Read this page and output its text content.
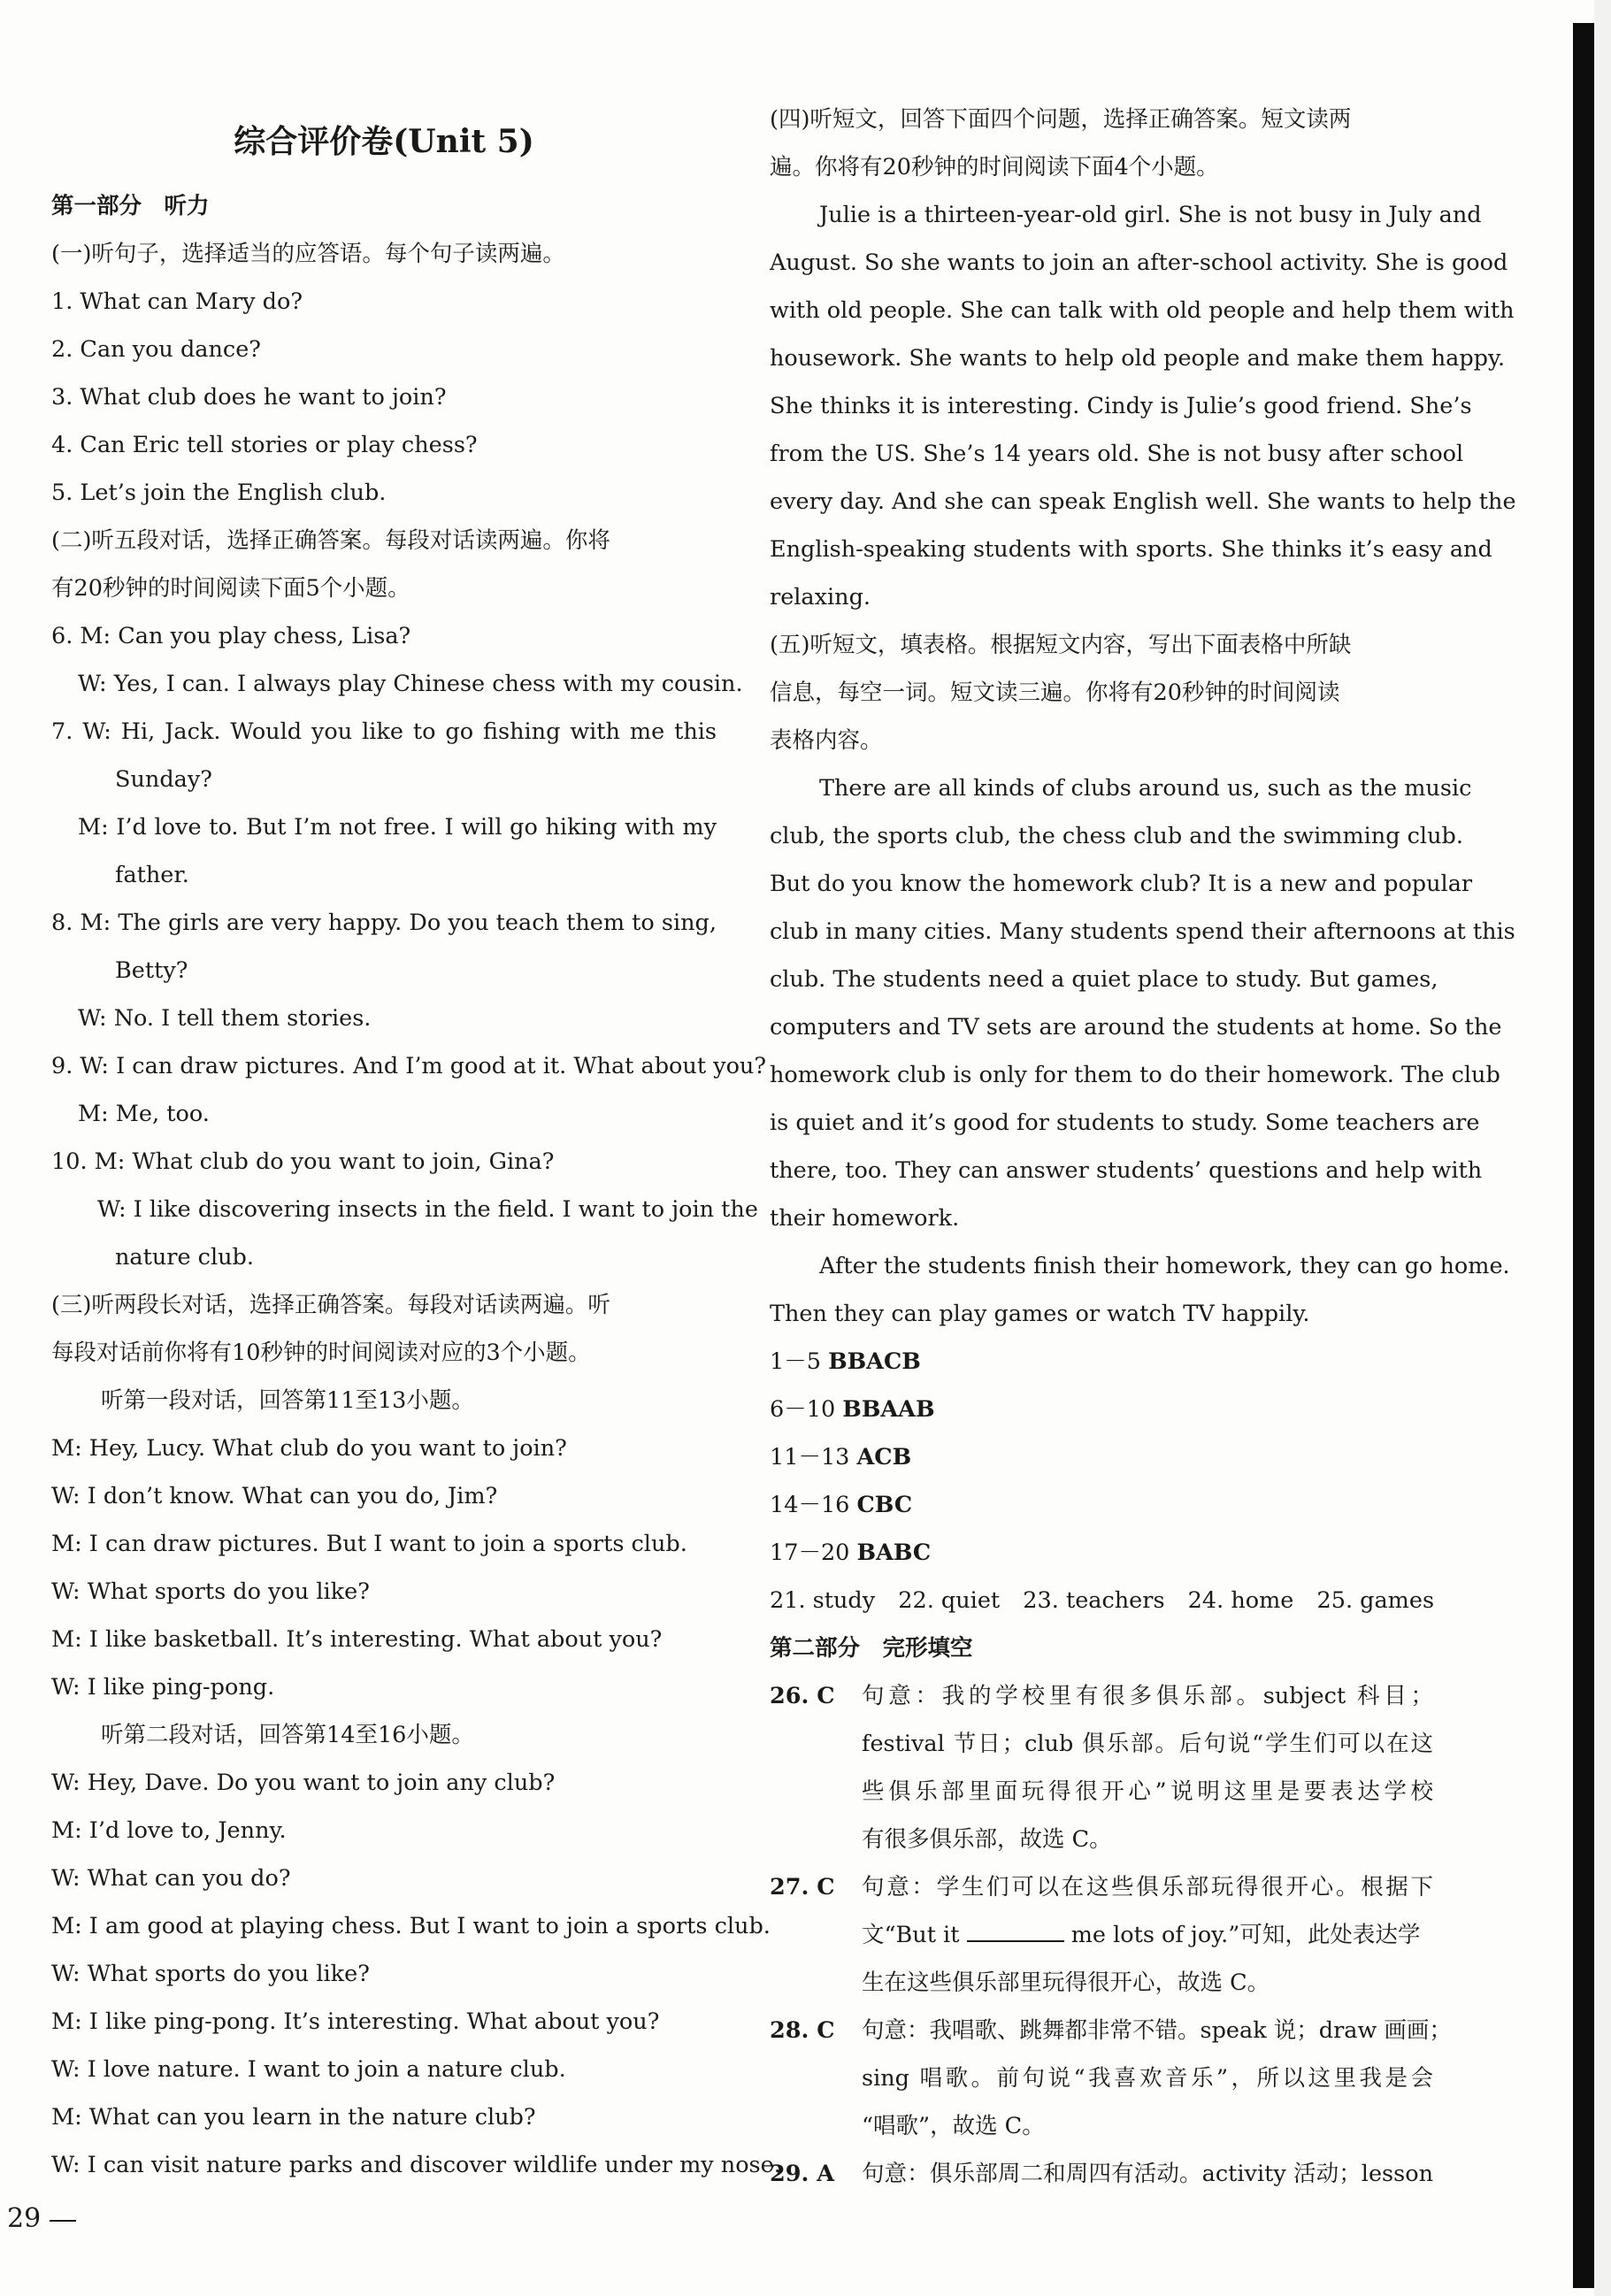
综合评价卷(Unit 5)
第一部分　听力
(一)听句子，选择适当的应答语。每个句子读两遍。
1. What can Mary do?
2. Can you dance?
3. What club does he want to join?
4. Can Eric tell stories or play chess?
5. Let’s join the English club.
(二)听五段对话，选择正确答案。每段对话读两遍。你将
有20秒钟的时间阅读下面5个小题。
6. M: Can you play chess, Lisa?
W: Yes, I can. I always play Chinese chess with my cousin.
7. W: Hi, Jack. Would you like to go fishing with me this
Sunday?
M: I’d love to. But I’m not free. I will go hiking with my
father.
8. M: The girls are very happy. Do you teach them to sing,
Betty?
W: No. I tell them stories.
9. W: I can draw pictures. And I’m good at it. What about you?
M: Me, too.
10. M: What club do you want to join, Gina?
W: I like discovering insects in the field. I want to join the
nature club.
(三)听两段长对话，选择正确答案。每段对话读两遍。听
每段对话前你将有10秒钟的时间阅读对应的3个小题。
听第一段对话，回答第11至13小题。
M: Hey, Lucy. What club do you want to join?
W: I don’t know. What can you do, Jim?
M: I can draw pictures. But I want to join a sports club.
W: What sports do you like?
M: I like basketball. It’s interesting. What about you?
W: I like ping-pong.
听第二段对话，回答第14至16小题。
W: Hey, Dave. Do you want to join any club?
M: I’d love to, Jenny.
W: What can you do?
M: I am good at playing chess. But I want to join a sports club.
W: What sports do you like?
M: I like ping-pong. It’s interesting. What about you?
W: I love nature. I want to join a nature club.
M: What can you learn in the nature club?
W: I can visit nature parks and discover wildlife under my nose.
(四)听短文，回答下面四个问题，选择正确答案。短文读两
遍。你将有20秒钟的时间阅读下面4个小题。
Julie is a thirteen-year-old girl. She is not busy in July and
August. So she wants to join an after-school activity. She is good
with old people. She can talk with old people and help them with
housework. She wants to help old people and make them happy.
She thinks it is interesting. Cindy is Julie’s good friend. She’s
from the US. She’s 14 years old. She is not busy after school
every day. And she can speak English well. She wants to help the
English-speaking students with sports. She thinks it’s easy and
relaxing.
(五)听短文，填表格。根据短文内容，写出下面表格中所缺
信息，每空一词。短文读三遍。你将有20秒钟的时间阅读
表格内容。
There are all kinds of clubs around us, such as the music
club, the sports club, the chess club and the swimming club.
But do you know the homework club? It is a new and popular
club in many cities. Many students spend their afternoons at this
club. The students need a quiet place to study. But games,
computers and TV sets are around the students at home. So the
homework club is only for them to do their homework. The club
is quiet and it’s good for students to study. Some teachers are
there, too. They can answer students’ questions and help with
their homework.
After the students finish their homework, they can go home.
Then they can play games or watch TV happily.
1－5 BBACB
6－10 BBAAB
11－13 ACB
14－16 CBC
17－20 BABC
21. study 22. quiet 23. teachers 24. home 25. games
第二部分　完形填空
26. C 句意：我的学校里有很多俱乐部。subject 科目；
festival 节日；club 俱乐部。后句说“学生们可以在这
些俱乐部里面玩得很开心”说明这里是要表达学校
有很多俱乐部，故选 C。
27. C 句意：学生们可以在这些俱乐部玩得很开心。根据下
文“But it	me lots of joy.”可知，此处表达学
生在这些俱乐部里玩得很开心，故选 C。
28. C 句意：我唱歌、跳舞都非常不错。speak 说；draw 画画；
sing 唱歌。前句说“我喜欢音乐”，所以这里我是会
“唱歌”，故选 C。
29. A 句意：俱乐部周二和周四有活动。activity 活动；lesson
29
